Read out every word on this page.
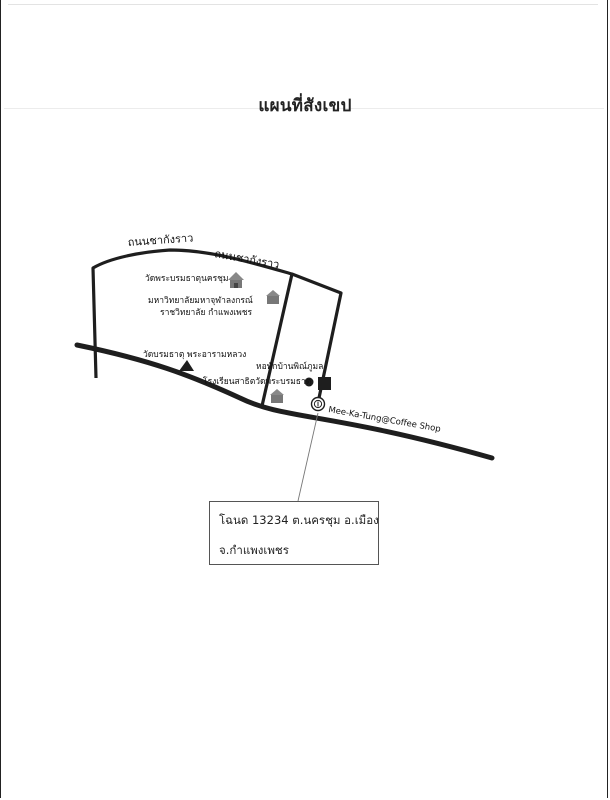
แผนที่สังเขป
ถนนชากังราว
ถนนชากังราว
วัดพระบรมธาตุนครชุม
มหาวิทยาลัยมหาจุฬาลงกรณ์
ราชวิทยาลัย กำแพงเพชร
วัดบรมธาตุ พระอารามหลวง
หอพักบ้านพิณ์ภูมล
โรงเรียนสาธิตวัดพระบรมธาตุ
Mee-Ka-Tung@Coffee Shop
โฉนด 13234 ต.นครชุม อ.เมือง
จ.กำแพงเพชร
